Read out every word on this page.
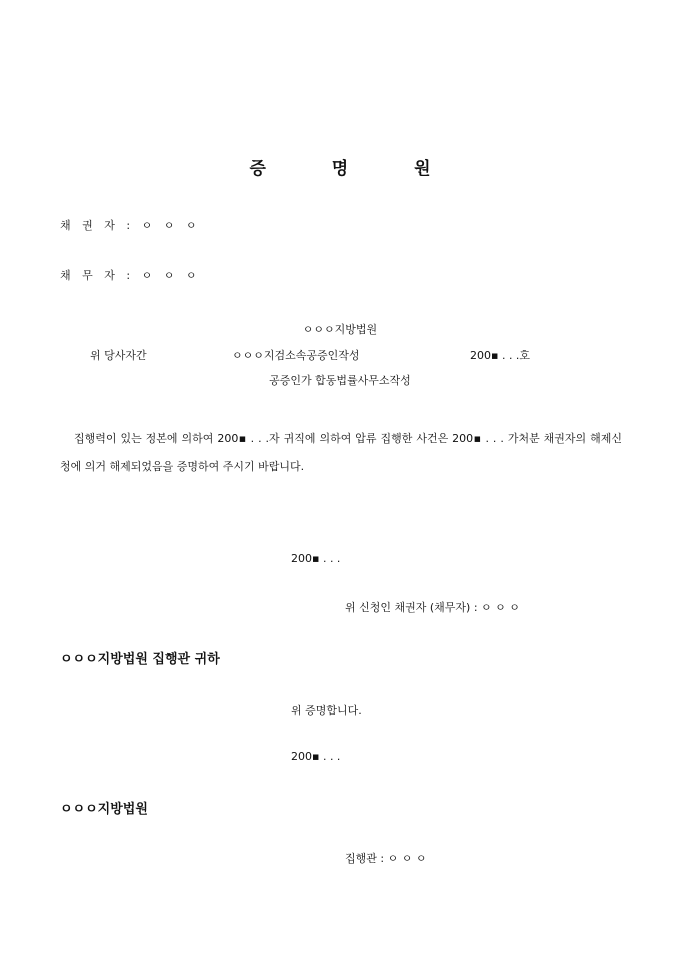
증 명 원
채 권 자 : ㅇ ㅇ ㅇ
채 무 자 : ㅇ ㅇ ㅇ
ㅇㅇㅇ지방법원
위 당사자간	ㅇㅇㅇ지검소속공증인작성	200▪ . . .호
공증인가 합동법률사무소작성
집행력이 있는 정본에 의하여 200▪ . . .자 귀직에 의하여 압류 집행한 사건은 200▪ . . . 가처분 채권자의 해제신청에 의거 해제되었음을 증명하여 주시기 바랍니다.
200▪ . . .
위 신청인 채권자 (채무자) : ㅇ ㅇ ㅇ
ㅇㅇㅇ지방법원 집행관 귀하
위 증명합니다.
200▪ . . .
ㅇㅇㅇ지방법원
집행관 : ㅇ ㅇ ㅇ
